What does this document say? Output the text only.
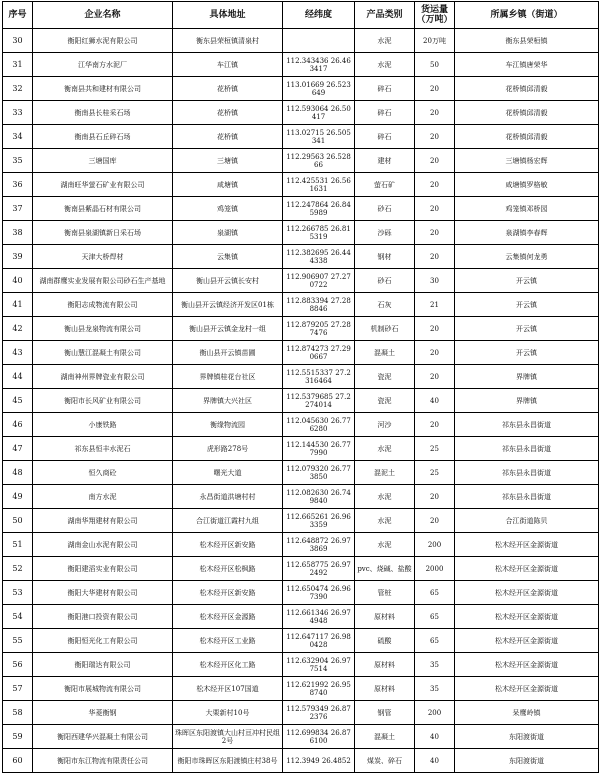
序号	企业名称	具体地址	经纬度	产品类别	货运量（万吨）	所属乡镇（街道）
30	衡阳红狮水泥有限公司	衡东县荣桓镇清泉村		水泥	20万吨	衡东县荣桓镇
31	江华南方水泥厂	车江镇	112.343436 26.463417	水泥	50	车江镇唐荣华
32	衡南县共和建材有限公司	花桥镇	113.01669 26.523649	碎石	20	花桥镇邱清毅
33	衡南县长桂采石场	花桥镇	112.593064 26.50417	碎石	20	花桥镇邱清毅
34	衡南县石丘碎石场	花桥镇	113.02715 26.505341	碎石	20	花桥镇邱清毅
35	三塘国库	三塘镇	112.29563 26.52866	建材	20	三塘镇杨宏辉
36	湖南旺华萤石矿业有限公司	咸塘镇	112.425531 26.561631	萤石矿	20	咸塘镇罗格敏
37	衡南县紫晶石材有限公司	鸡笼镇	112.247864 26.845989	砂石	20	鸡笼镇邓桥园
38	衡南县泉湖镇新日采石场	泉湖镇	112.266785 26.815319	沙砾	20	泉湖镇李春辉
39	天津大桥焊材	云集镇	112.382695 26.444338	钢材	20	云集镇何龙勇
40	湖南群鹰实业发展有限公司砂石生产基地	衡山县开云镇长安村	112.906907 27.270722	砂石	30	开云镇
41	衡阳志成物流有限公司	衡山县开云镇经济开发区01栋	112.883394 27.288846	石灰	21	开云镇
42	衡山县龙泉物流有限公司	衡山县开云镇金龙村一组	112.879205 27.287476	机制砂石	20	开云镇
43	衡山慧江混凝土有限公司	衡山县开云镇苗圃	112.874273 27.290667	混凝土	20	开云镇
44	湖南神州界牌瓷业有限公司	界牌镇桂花台社区	112.5515337 27.2316464	瓷泥	20	界牌镇
45	衡阳市长风矿业有限公司	界牌镇大兴社区	112.5379685 27.2274014	瓷泥	40	界牌镇
46	小康铁路	衡缘物流园	112.045630 26.776280	河沙	20	祁东县永昌街道
47	祁东县恒丰水泥石	虎形路278号	112.144530 26.777990	水泥	25	祁东县永昌街道
48	恒久商砼	曙光大道	112.079320 26.773850	混泥土	25	祁东县永昌街道
49	南方水泥	永昌街道洪塘村村	112.082630 26.749840	水泥	20	祁东县永昌街道
50	湖南华翔建材有限公司	合江街道江霞村九组	112.665261 26.963359	水泥	20	合江街道陈贝
51	湖南金山水泥有限公司	松木经开区新安路	112.648872 26.973869	水泥	200	松木经开区金源街道
52	衡阳建滔实业有限公司	松木经开区松枫路	112.658775 26.972492	pvc、烧碱、盐酸	2000	松木经开区金源街道
53	衡阳大华建材有限公司	松木经开区新安路	112.650474 26.967390	管桩	65	松木经开区金源街道
54	衡阳港口投资有限公司	松木经开区金源路	112.661346 26.974948	原材料	65	松木经开区金源街道
55	衡阳恒光化工有限公司	松木经开区工业路	112.647117 26.980428	硫酸	65	松木经开区金源街道
56	衡阳瑞达有限公司	松木经开区化工路	112.632904 26.977514	原材料	35	松木经开区金源街道
57	衡阳市展城物流有限公司	松木经开区107国道	112.621992 26.958740	原材料	35	松木经开区金源街道
58	华菱衡钢	大栗新村10号	112.579349 26.872376	钢管	200	呆鹰岭镇
59	衡阳西建华兴混凝土有限公司	珠晖区东阳渡镇大山村亘冲村民组2号	112.699834 26.876100	混凝土	40	东阳渡街道
60	衡阳市东江物流有限责任公司	衡阳市珠晖区东阳渡镇庄村38号	112.3949 26.4852	煤炭、碎石	40	东阳渡街道
